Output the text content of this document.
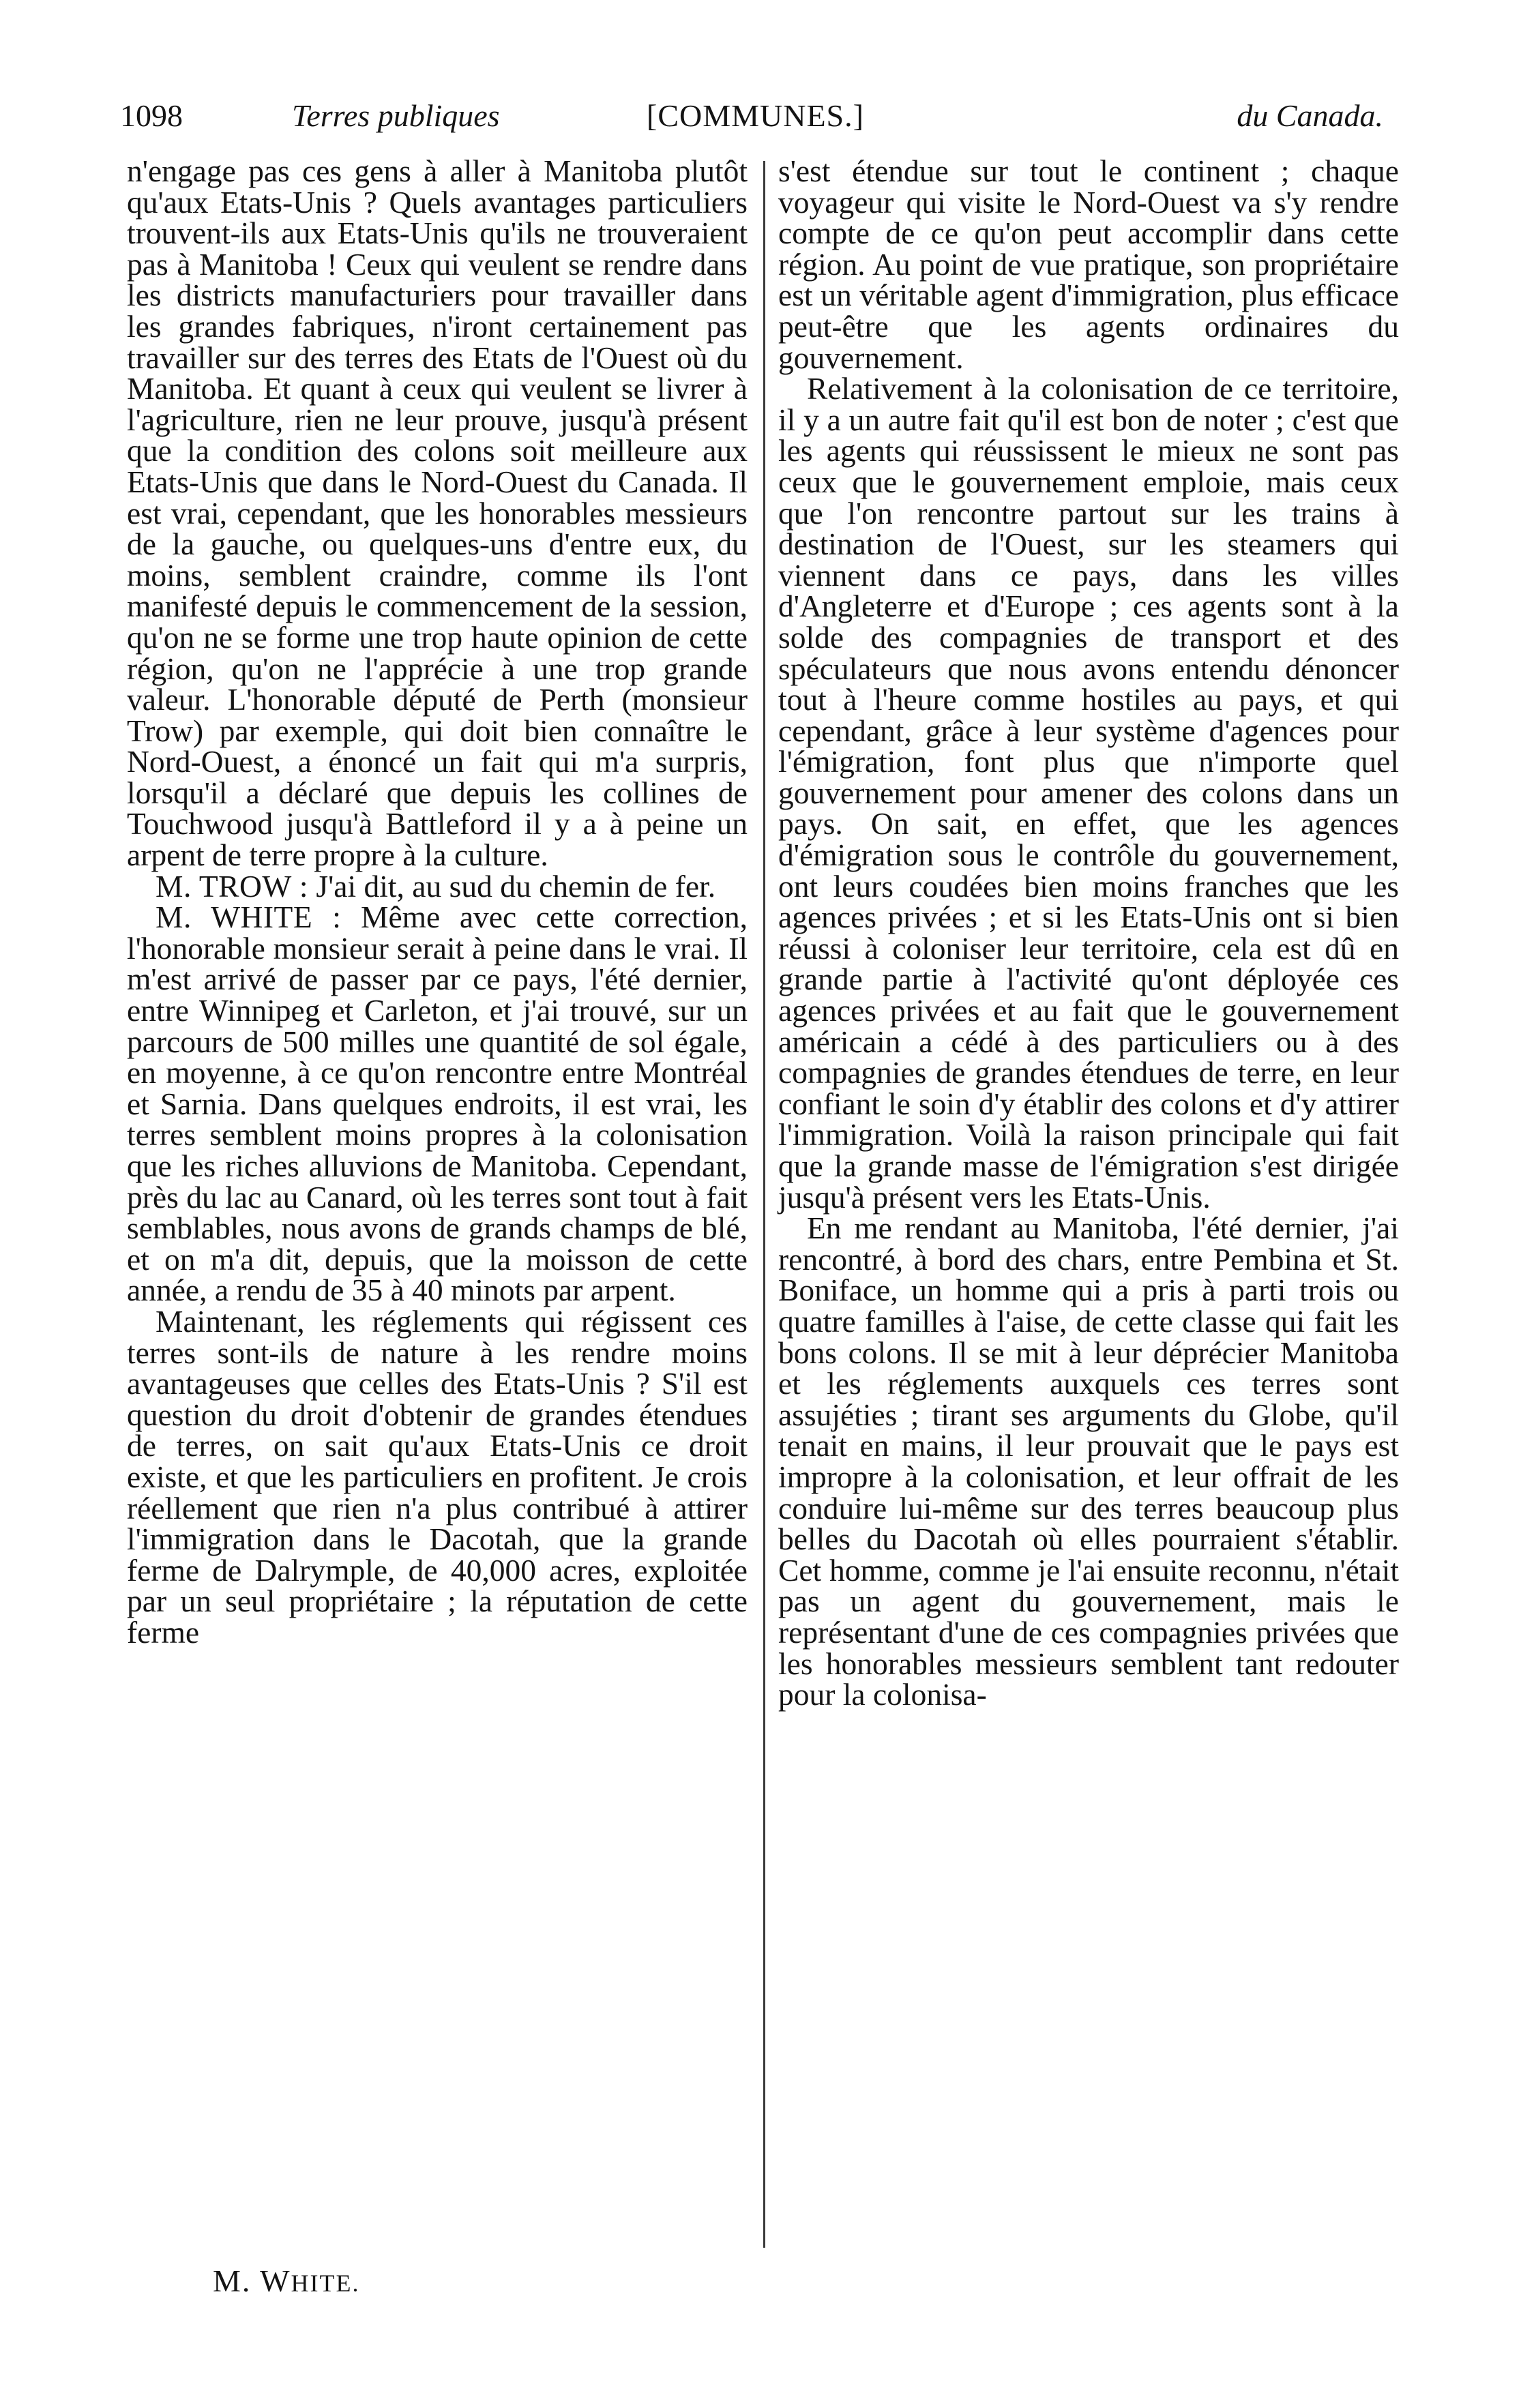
1098	Terres publiques	[COMMUNES.]	du Canada.

n'engage pas ces gens à aller à Manitoba plutôt qu'aux Etats-Unis ? Quels avantages particuliers trouvent-ils aux Etats-Unis qu'ils ne trouveraient pas à Manitoba ! Ceux qui veulent se rendre dans les districts manufacturiers pour travailler dans les grandes fabriques, n'iront certainement pas travailler sur des terres des Etats de l'Ouest où du Manitoba. Et quant à ceux qui veulent se livrer à l'agriculture, rien ne leur prouve, jusqu'à présent que la condition des colons soit meilleure aux Etats-Unis que dans le Nord-Ouest du Canada. Il est vrai, cependant, que les honorables messieurs de la gauche, ou quelques-uns d'entre eux, du moins, semblent craindre, comme ils l'ont manifesté depuis le commencement de la session, qu'on ne se forme une trop haute opinion de cette région, qu'on ne l'apprécie à une trop grande valeur. L'honorable député de Perth (monsieur Trow) par exemple, qui doit bien connaître le Nord-Ouest, a énoncé un fait qui m'a surpris, lorsqu'il a déclaré que depuis les collines de Touchwood jusqu'à Battleford il y a à peine un arpent de terre propre à la culture.

M. TROW : J'ai dit, au sud du chemin de fer.

M. WHITE : Même avec cette correction, l'honorable monsieur serait à peine dans le vrai. Il m'est arrivé de passer par ce pays, l'été dernier, entre Winnipeg et Carleton, et j'ai trouvé, sur un parcours de 500 milles une quantité de sol égale, en moyenne, à ce qu'on rencontre entre Montréal et Sarnia. Dans quelques endroits, il est vrai, les terres semblent moins propres à la colonisation que les riches alluvions de Manitoba. Cependant, près du lac au Canard, où les terres sont tout à fait semblables, nous avons de grands champs de blé, et on m'a dit, depuis, que la moisson de cette année, a rendu de 35 à 40 minots par arpent.

Maintenant, les réglements qui régissent ces terres sont-ils de nature à les rendre moins avantageuses que celles des Etats-Unis ? S'il est question du droit d'obtenir de grandes étendues de terres, on sait qu'aux Etats-Unis ce droit existe, et que les particuliers en profitent. Je crois réellement que rien n'a plus contribué à attirer l'immigration dans le Dacotah, que la grande ferme de Dalrymple, de 40,000 acres, exploitée par un seul propriétaire ; la réputation de cette ferme

s'est étendue sur tout le continent ; chaque voyageur qui visite le Nord-Ouest va s'y rendre compte de ce qu'on peut accomplir dans cette région. Au point de vue pratique, son propriétaire est un véritable agent d'immigration, plus efficace peut-être que les agents ordinaires du gouvernement.

Relativement à la colonisation de ce territoire, il y a un autre fait qu'il est bon de noter ; c'est que les agents qui réussissent le mieux ne sont pas ceux que le gouvernement emploie, mais ceux que l'on rencontre partout sur les trains à destination de l'Ouest, sur les steamers qui viennent dans ce pays, dans les villes d'Angleterre et d'Europe ; ces agents sont à la solde des compagnies de transport et des spéculateurs que nous avons entendu dénoncer tout à l'heure comme hostiles au pays, et qui cependant, grâce à leur système d'agences pour l'émigration, font plus que n'importe quel gouvernement pour amener des colons dans un pays. On sait, en effet, que les agences d'émigration sous le contrôle du gouvernement, ont leurs coudées bien moins franches que les agences privées ; et si les Etats-Unis ont si bien réussi à coloniser leur territoire, cela est dû en grande partie à l'activité qu'ont déployée ces agences privées et au fait que le gouvernement américain a cédé à des particuliers ou à des compagnies de grandes étendues de terre, en leur confiant le soin d'y établir des colons et d'y attirer l'immigration. Voilà la raison principale qui fait que la grande masse de l'émigration s'est dirigée jusqu'à présent vers les Etats-Unis.

En me rendant au Manitoba, l'été dernier, j'ai rencontré, à bord des chars, entre Pembina et St. Boniface, un homme qui a pris à parti trois ou quatre familles à l'aise, de cette classe qui fait les bons colons. Il se mit à leur déprécier Manitoba et les réglements auxquels ces terres sont assujéties ; tirant ses arguments du Globe, qu'il tenait en mains, il leur prouvait que le pays est impropre à la colonisation, et leur offrait de les conduire lui-même sur des terres beaucoup plus belles du Dacotah où elles pourraient s'établir. Cet homme, comme je l'ai ensuite reconnu, n'était pas un agent du gouvernement, mais le représentant d'une de ces compagnies privées que les honorables messieurs semblent tant redouter pour la colonisa-

M. WHITE.
